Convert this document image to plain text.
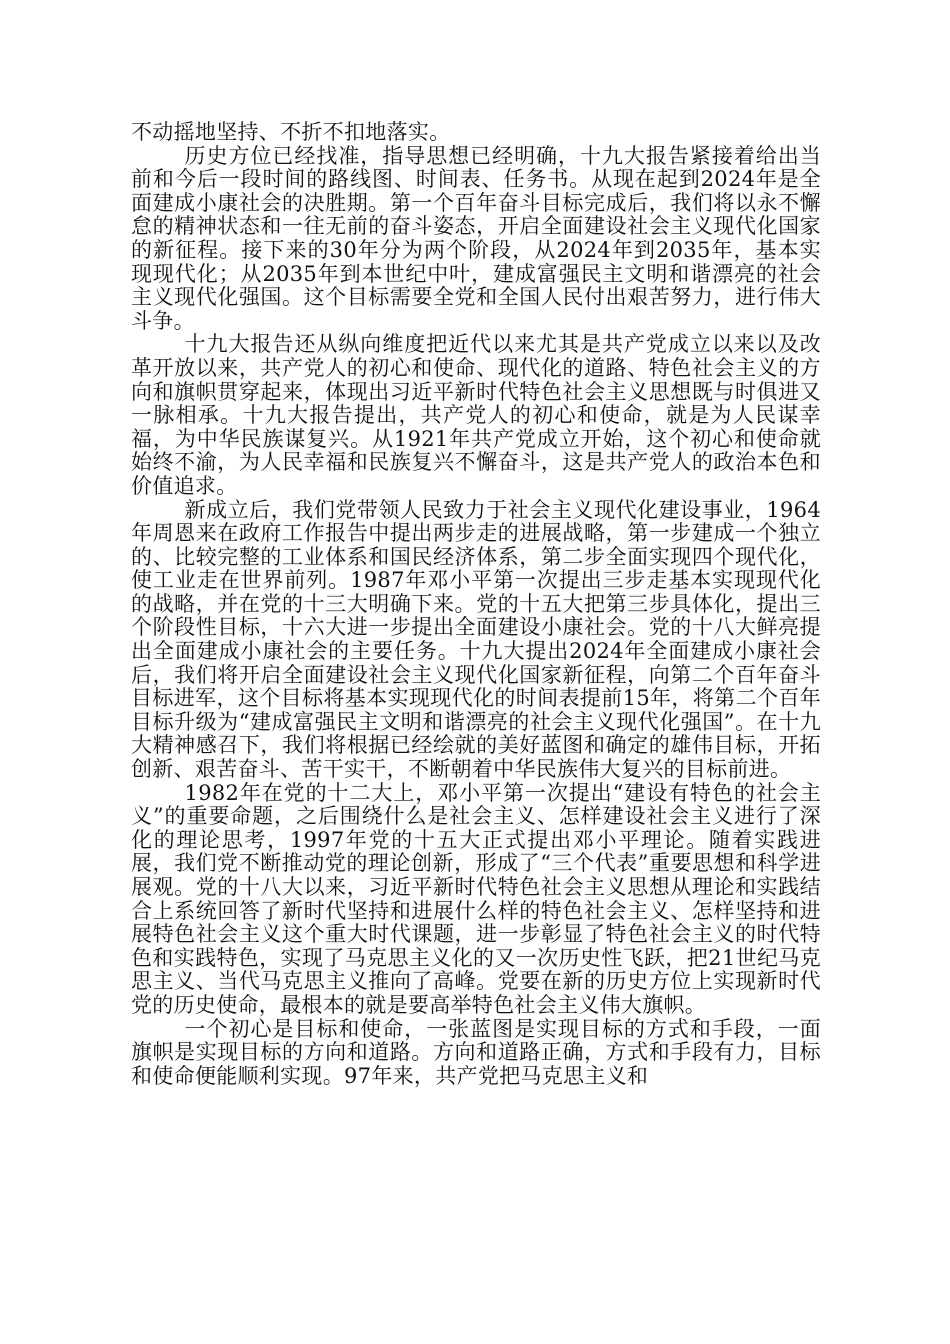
不动摇地坚持、不折不扣地落实。

历史方位已经找准，指导思想已经明确，十九大报告紧接着给出当前和今后一段时间的路线图、时间表、任务书。从现在起到2024年是全面建成小康社会的决胜期。第一个百年奋斗目标完成后，我们将以永不懈怠的精神状态和一往无前的奋斗姿态，开启全面建设社会主义现代化国家的新征程。接下来的30年分为两个阶段，从2024年到2035年，基本实现现代化；从2035年到本世纪中叶，建成富强民主文明和谐漂亮的社会主义现代化强国。这个目标需要全党和全国人民付出艰苦努力，进行伟大斗争。

十九大报告还从纵向维度把近代以来尤其是共产党成立以来以及改革开放以来，共产党人的初心和使命、现代化的道路、特色社会主义的方向和旗帜贯穿起来，体现出习近平新时代特色社会主义思想既与时俱进又一脉相承。十九大报告提出，共产党人的初心和使命，就是为人民谋幸福，为中华民族谋复兴。从1921年共产党成立开始，这个初心和使命就始终不渝，为人民幸福和民族复兴不懈奋斗，这是共产党人的政治本色和价值追求。

新成立后，我们党带领人民致力于社会主义现代化建设事业，1964年周恩来在政府工作报告中提出两步走的进展战略，第一步建成一个独立的、比较完整的工业体系和国民经济体系，第二步全面实现四个现代化，使工业走在世界前列。1987年邓小平第一次提出三步走基本实现现代化的战略，并在党的十三大明确下来。党的十五大把第三步具体化，提出三个阶段性目标，十六大进一步提出全面建设小康社会。党的十八大鲜亮提出全面建成小康社会的主要任务。十九大提出2024年全面建成小康社会后，我们将开启全面建设社会主义现代化国家新征程，向第二个百年奋斗目标进军，这个目标将基本实现现代化的时间表提前15年，将第二个百年目标升级为“建成富强民主文明和谐漂亮的社会主义现代化强国”。在十九大精神感召下，我们将根据已经绘就的美好蓝图和确定的雄伟目标，开拓创新、艰苦奋斗、苦干实干，不断朝着中华民族伟大复兴的目标前进。

1982年在党的十二大上，邓小平第一次提出“建设有特色的社会主义”的重要命题，之后围绕什么是社会主义、怎样建设社会主义进行了深化的理论思考，1997年党的十五大正式提出邓小平理论。随着实践进展，我们党不断推动党的理论创新，形成了“三个代表”重要思想和科学进展观。党的十八大以来，习近平新时代特色社会主义思想从理论和实践结合上系统回答了新时代坚持和进展什么样的特色社会主义、怎样坚持和进展特色社会主义这个重大时代课题，进一步彰显了特色社会主义的时代特色和实践特色，实现了马克思主义化的又一次历史性飞跃，把21世纪马克思主义、当代马克思主义推向了高峰。党要在新的历史方位上实现新时代党的历史使命，最根本的就是要高举特色社会主义伟大旗帜。

一个初心是目标和使命，一张蓝图是实现目标的方式和手段，一面旗帜是实现目标的方向和道路。方向和道路正确，方式和手段有力，目标和使命便能顺利实现。97年来，共产党把马克思主义和
